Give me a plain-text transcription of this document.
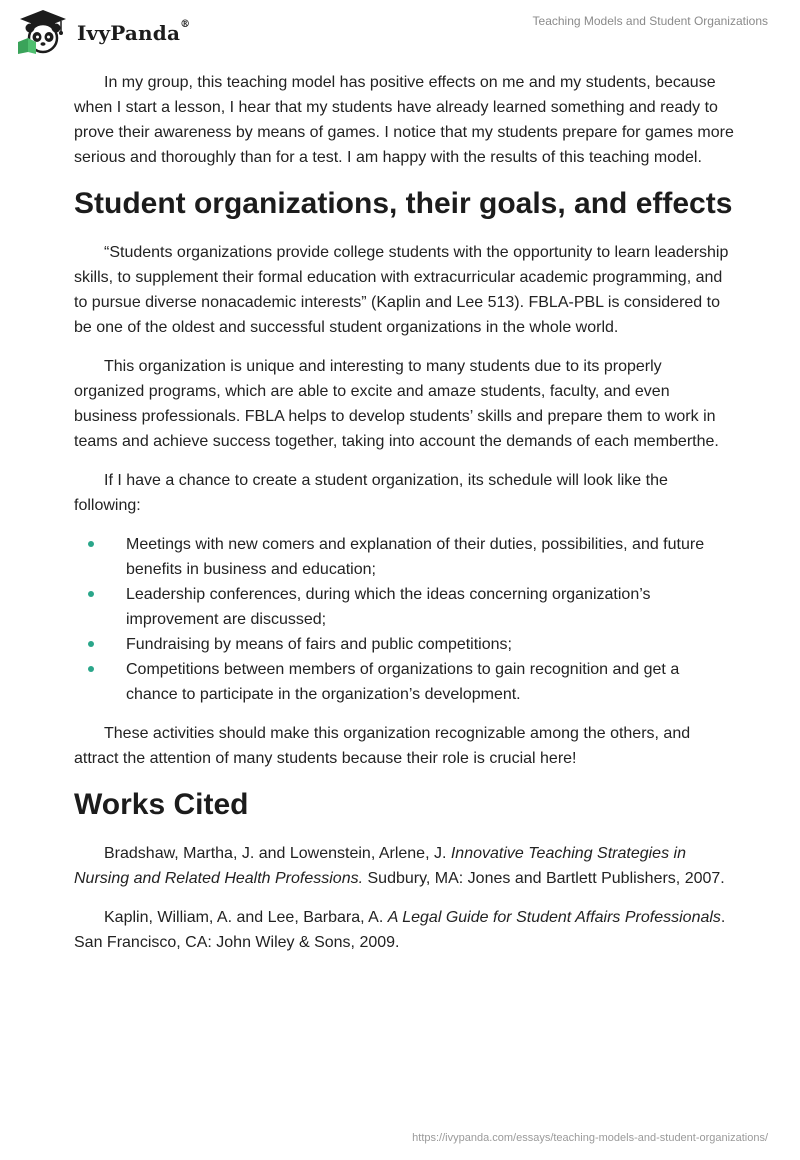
IvyPanda®	Teaching Models and Student Organizations

In my group, this teaching model has positive effects on me and my students, because when I start a lesson, I hear that my students have already learned something and ready to prove their awareness by means of games. I notice that my students prepare for games more serious and thoroughly than for a test. I am happy with the results of this teaching model.

Student organizations, their goals, and effects

“Students organizations provide college students with the opportunity to learn leadership skills, to supplement their formal education with extracurricular academic programming, and to pursue diverse nonacademic interests” (Kaplin and Lee 513). FBLA-PBL is considered to be one of the oldest and successful student organizations in the whole world.

This organization is unique and interesting to many students due to its properly organized programs, which are able to excite and amaze students, faculty, and even business professionals. FBLA helps to develop students’ skills and prepare them to work in teams and achieve success together, taking into account the demands of each memberthe.

If I have a chance to create a student organization, its schedule will look like the following:

Meetings with new comers and explanation of their duties, possibilities, and future benefits in business and education;
Leadership conferences, during which the ideas concerning organization’s improvement are discussed;
Fundraising by means of fairs and public competitions;
Competitions between members of organizations to gain recognition and get a chance to participate in the organization’s development.

These activities should make this organization recognizable among the others, and attract the attention of many students because their role is crucial here!

Works Cited

Bradshaw, Martha, J. and Lowenstein, Arlene, J. Innovative Teaching Strategies in Nursing and Related Health Professions. Sudbury, MA: Jones and Bartlett Publishers, 2007.

Kaplin, William, A. and Lee, Barbara, A. A Legal Guide for Student Affairs Professionals. San Francisco, CA: John Wiley & Sons, 2009.

https://ivypanda.com/essays/teaching-models-and-student-organizations/
